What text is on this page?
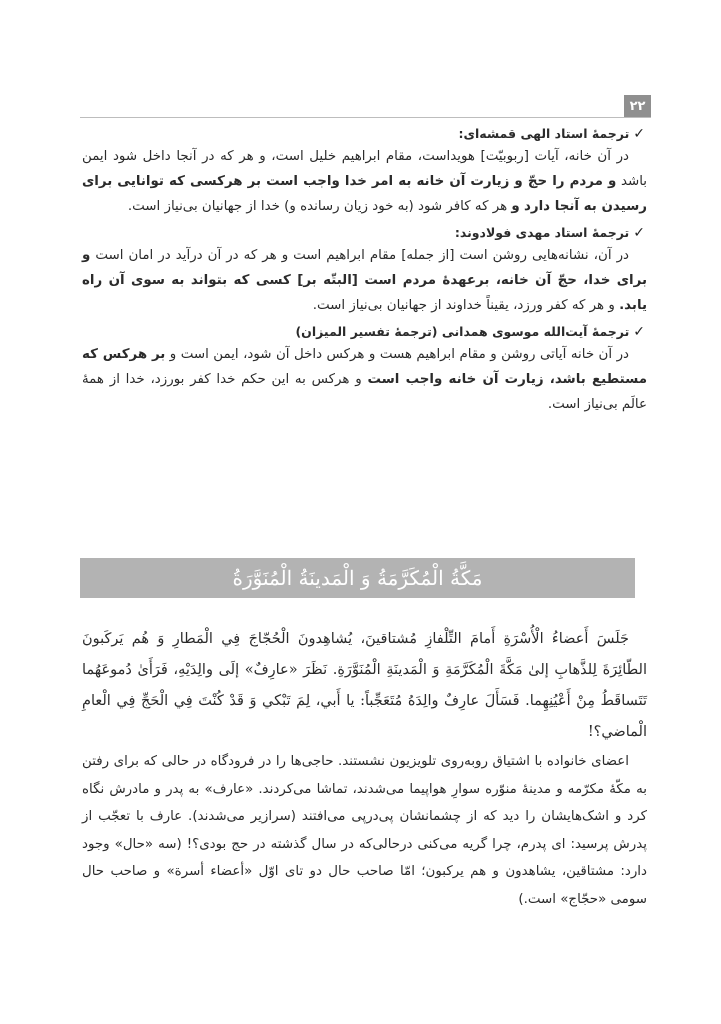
۲۲
✓ترجمهٔ استاد الهی قمشه‌ای:

در آن خانه، آیات [ربوبیّت] هویداست، مقام ابراهیم خلیل است، و هر که در آنجا داخل شود ایمن باشد و مردم را حجّ و زیارت آن خانه به امر خدا واجب است بر هرکسی که توانایی برای رسیدن به آنجا دارد و هر که کافر شود (به خود زیان رسانده و) خدا از جهانیان بی‌نیاز است.

✓ترجمهٔ استاد مهدی فولادوند:

در آن، نشانه‌هایی روشن است [از جمله] مقام ابراهیم است و هر که در آن درآید در امان است و برای خدا، حجّ آن خانه، برعهدهٔ مردم است [البتّه بر] کسی که بتواند به سوی آن راه یابد. و هر که کفر ورزد، یقیناً خداوند از جهانیان بی‌نیاز است.

✓ترجمهٔ آیت‌الله موسوی همدانی (ترجمهٔ تفسیر المیزان)

در آن خانه آیاتی روشن و مقام ابراهیم هست و هرکس داخل آن شود، ایمن است و بر هرکس که مستطیع باشد، زیارت آن خانه واجب است و هرکس به این حکم خدا کفر بورزد، خدا از همهٔ عالَم بی‌نیاز است.

مَکَّةُ الْمُکَرَّمَةُ وَ الْمَدینَةُ الْمُنَوَّرَةُ

جَلَسَ أَعضاءُ الْأُسْرَةِ أَمامَ التِّلْفازِ مُشتاقینَ، یُشاهِدونَ الْحُجّاجَ فِي الْمَطارِ وَ هُم یَرکَبونَ الطّائِرَةَ لِلذَّهابِ إلیٰ مَکَّةَ الْمُکَرَّمَةِ وَ الْمَدینَةِ الْمُنَوَّرَةِ. نَظَرَ «عارِفٌ» إلَی والِدَیْهِ، فَرَأَىٰ دُموعَهُما تَتَساقَطُ مِنْ أَعْیُنِهِما. فَسَأَلَ عارِفٌ والِدَهُ مُتَعَجِّباً: یا أَبي، لِمَ تَبْکي وَ قَدْ کُنْتَ فِي الْحَجِّ فِي الْعامِ الْماضي؟!

اعضای خانواده با اشتیاق روبه‌روی تلویزیون نشستند. حاجی‌ها را در فرودگاه در حالی که برای رفتن به مکّهٔ مکرّمه و مدینهٔ منوّره سوارِ هواپیما می‌شدند، تماشا می‌کردند. «عارف» به پدر و مادرش نگاه کرد و اشک‌هایشان را دید که از چشمانشان پی‌درپی می‌افتند (سرازیر می‌شدند). عارف با تعجّب از پدرش پرسید: ای پدرم، چرا گریه می‌کنی درحالی‌که در سال گذشته در حج بودی؟! (سه «حال» وجود دارد: مشتاقین، یشاهدون و هم یرکبون؛ امّا صاحب حال دو تای اوّل «أعضاء أسرة» و صاحب حال سومی «حجّاج» است.)
